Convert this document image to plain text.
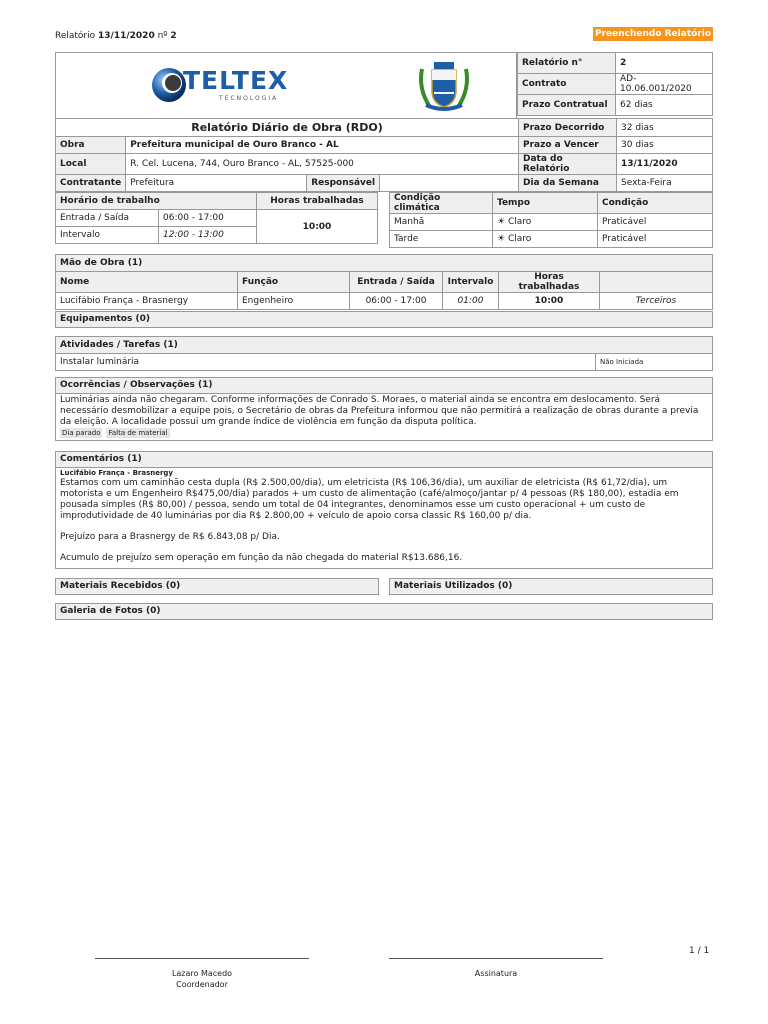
Relatório 13/11/2020 nº 2	Preenchendo Relatório
TELTEX
TECNOLOGIA
Relatório n°	2
Contrato	AD-10.06.001/2020
Prazo Contratual	62 dias
Relatório Diário de Obra (RDO)				Prazo Decorrido	32 dias
Obra	Prefeitura municipal de Ouro Branco - AL			Prazo a Vencer	30 dias
Local	R. Cel. Lucena, 744, Ouro Branco - AL, 57525-000			Data do Relatório	13/11/2020
Contratante	Prefeitura	Responsável		Dia da Semana	Sexta-Feira
Horário de trabalho		Horas trabalhadas
Entrada / Saída	06:00 - 17:00	10:00
Intervalo	12:00 - 13:00	
Condição climática	Tempo	Condição
Manhã	☀ Claro	Praticável
Tarde	☀ Claro	Praticável
Mão de Obra (1)					
Nome	Função	Entrada / Saída	Intervalo	Horas trabalhadas	
Lucifábio França - Brasnergy	Engenheiro	06:00 - 17:00	01:00	10:00	Terceiros
Equipamentos (0)
Atividades / Tarefas (1)
Instalar luminária	Não Iniciada
Ocorrências / Observações (1)
Luminárias ainda não chegaram. Conforme informações de Conrado S. Moraes, o material ainda se encontra em deslocamento. Será necessário desmobilizar a equipe pois, o Secretário de obras da Prefeitura informou que não permitirá a realização de obras durante a previa da eleição. A localidade possui um grande índice de violência em função da disputa política.
Dia parado Falta de material
Comentários (1)
Lucifábio França - Brasnergy
Estamos com um caminhão cesta dupla (R$ 2.500,00/dia), um eletricista (R$ 106,36/dia), um auxiliar de eletricista (R$ 61,72/dia), um motorista e um Engenheiro R$475,00/dia) parados + um custo de alimentação (café/almoço/jantar p/ 4 pessoas (R$ 180,00), estadia em pousada simples (R$ 80,00) / pessoa, sendo um total de 04 integrantes, denominamos esse um custo operacional + um custo de improdutividade de 40 luminárias por dia R$ 2.800,00 + veículo de apoio corsa classic R$ 160,00 p/ dia.
Prejuízo para a Brasnergy de R$ 6.843,08 p/ Dia.
Acumulo de prejuízo sem operação em função da não chegada do material R$13.686,16.
Materiais Recebidos (0)	Materiais Utilizados (0)
Galeria de Fotos (0)
1 / 1
Lazaro Macedo
Coordenador
Assinatura
